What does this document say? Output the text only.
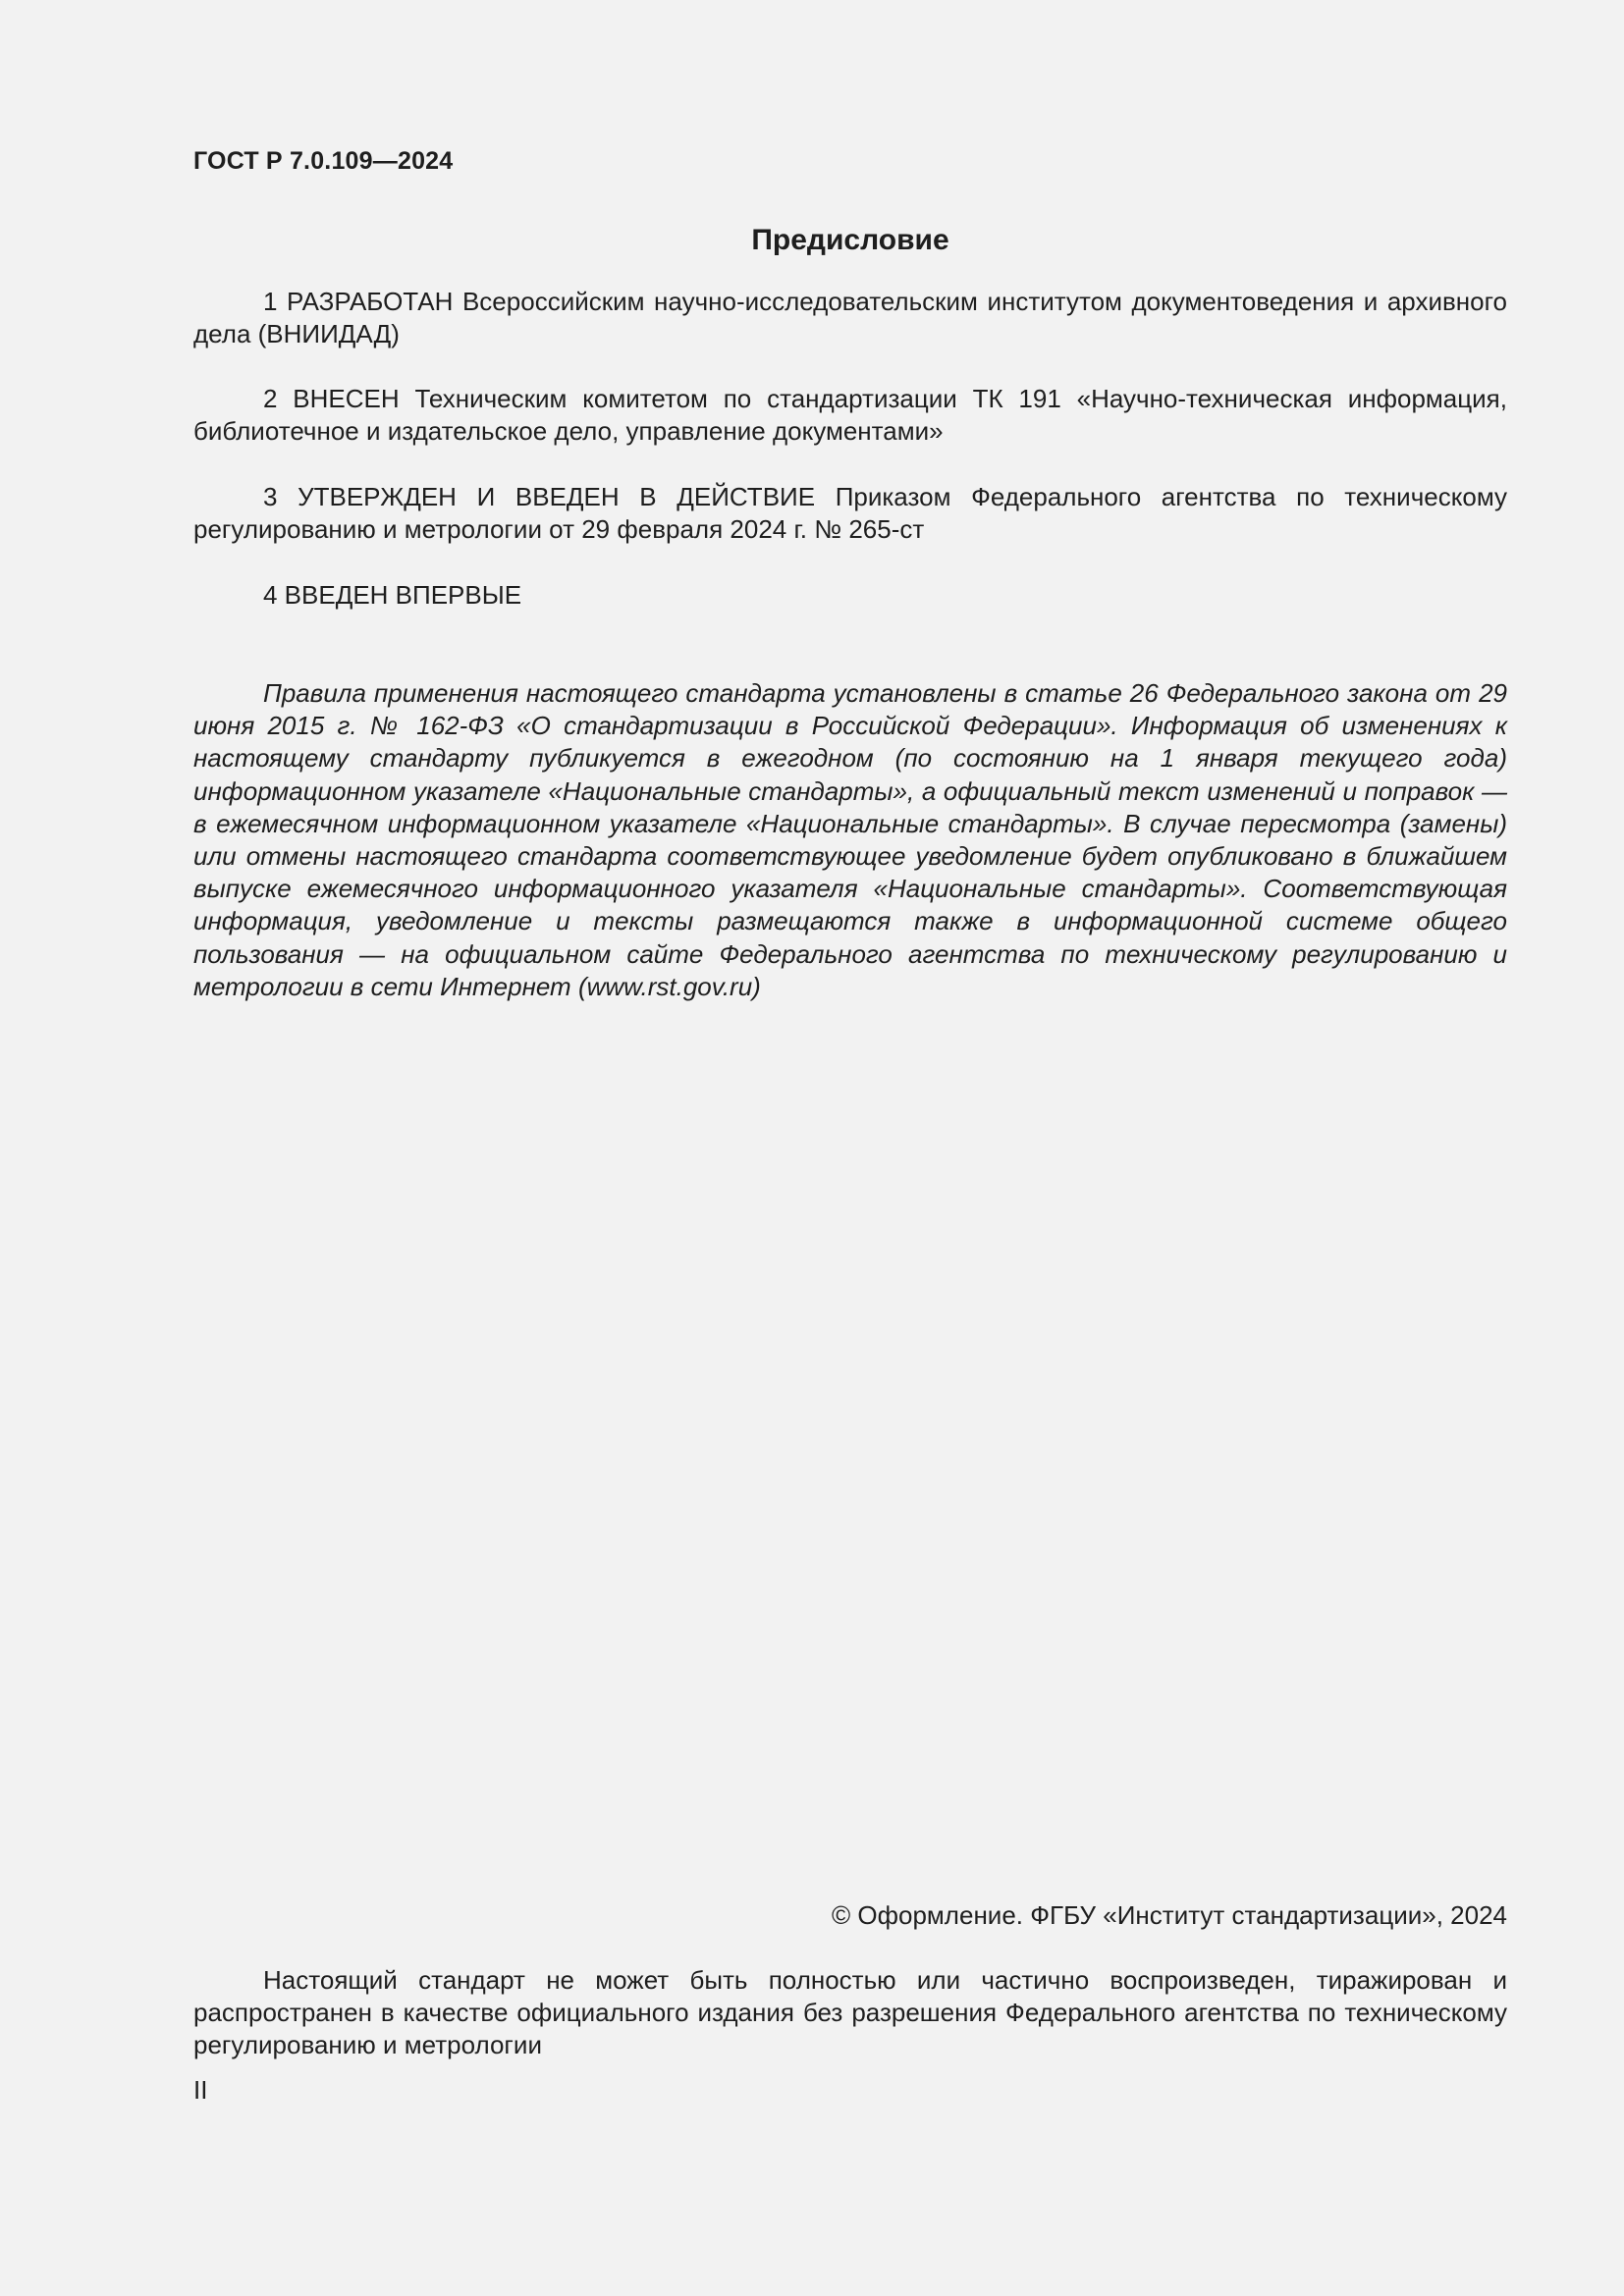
ГОСТ Р 7.0.109—2024
Предисловие

1 РАЗРАБОТАН Всероссийским научно-исследовательским институтом документоведения и архивного дела (ВНИИДАД)

2 ВНЕСЕН Техническим комитетом по стандартизации ТК 191 «Научно-техническая информация, библиотечное и издательское дело, управление документами»

3 УТВЕРЖДЕН И ВВЕДЕН В ДЕЙСТВИЕ Приказом Федерального агентства по техническому регулированию и метрологии от 29 февраля 2024 г. № 265-ст

4 ВВЕДЕН ВПЕРВЫЕ

Правила применения настоящего стандарта установлены в статье 26 Федерального закона от 29 июня 2015 г. № 162-ФЗ «О стандартизации в Российской Федерации». Информация об изменениях к настоящему стандарту публикуется в ежегодном (по состоянию на 1 января текущего года) информационном указателе «Национальные стандарты», а официальный текст изменений и поправок — в ежемесячном информационном указателе «Национальные стандарты». В случае пересмотра (замены) или отмены настоящего стандарта соответствующее уведомление будет опубликовано в ближайшем выпуске ежемесячного информационного указателя «Национальные стандарты». Соответствующая информация, уведомление и тексты размещаются также в информационной системе общего пользования — на официальном сайте Федерального агентства по техническому регулированию и метрологии в сети Интернет (www.rst.gov.ru)

© Оформление. ФГБУ «Институт стандартизации», 2024

Настоящий стандарт не может быть полностью или частично воспроизведен, тиражирован и распространен в качестве официального издания без разрешения Федерального агентства по техническому регулированию и метрологии

II
